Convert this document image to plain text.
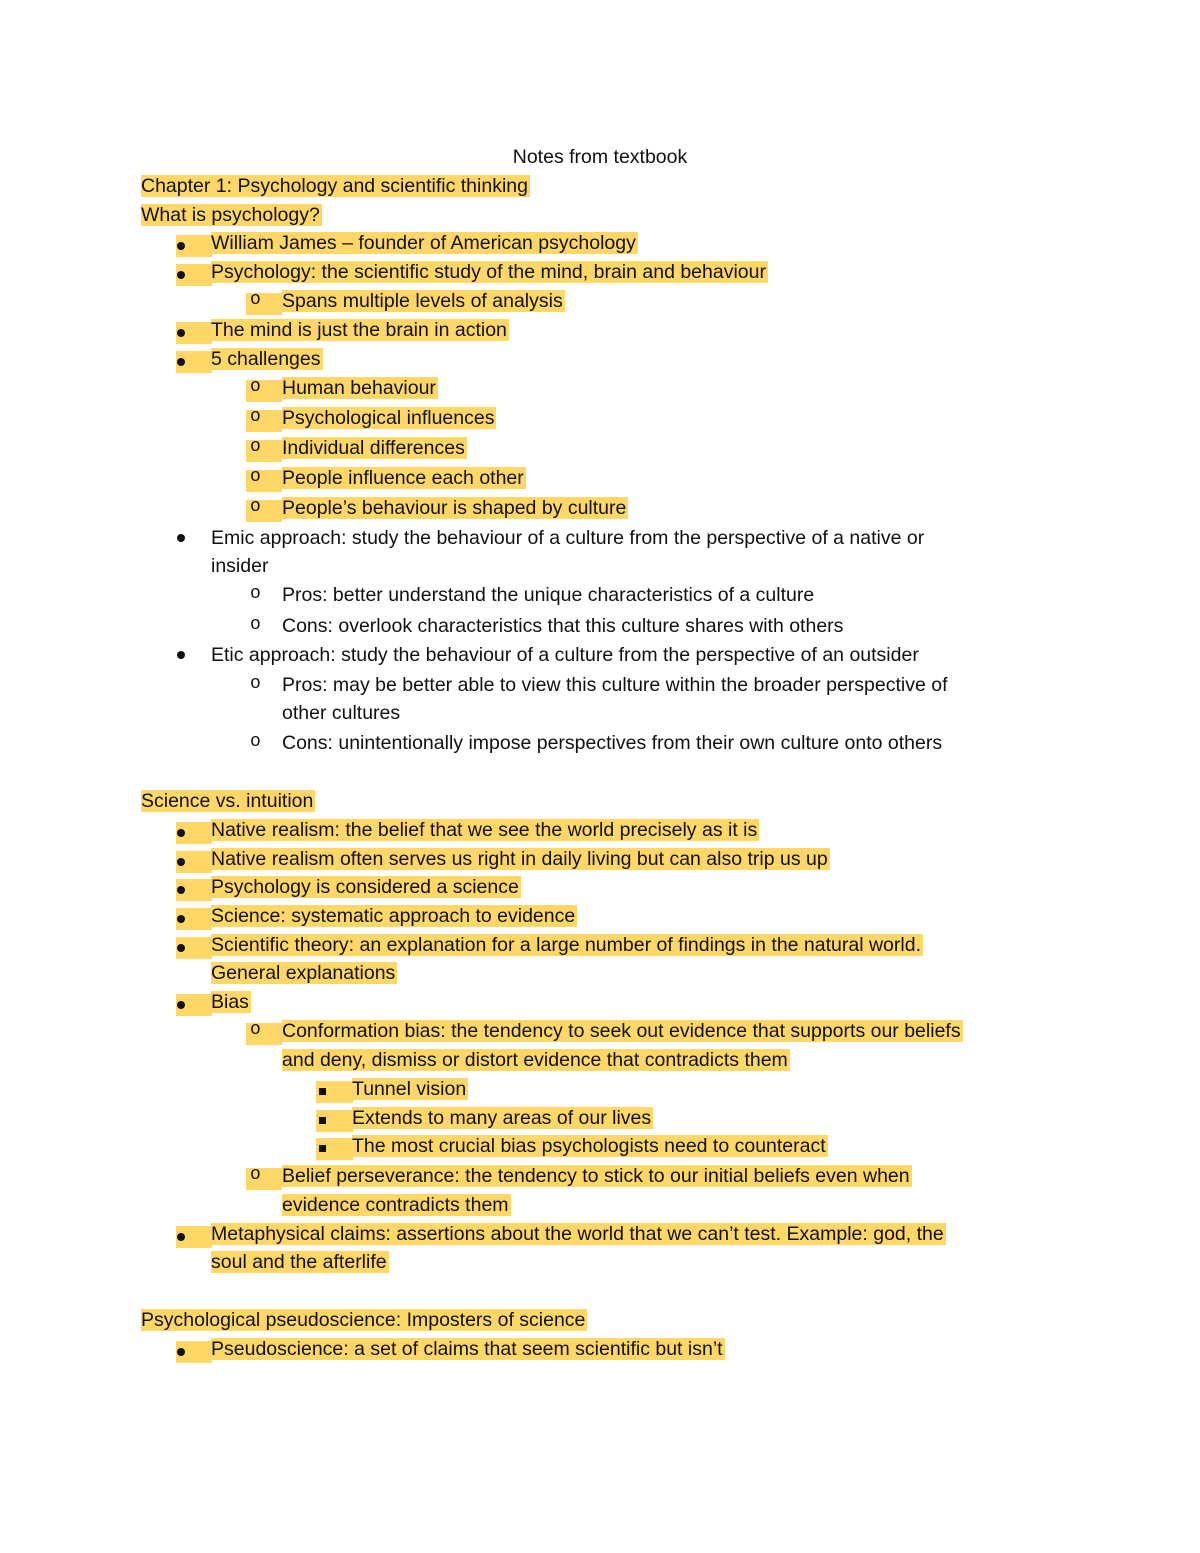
Notes from textbook
Chapter 1: Psychology and scientific thinking
What is psychology?
William James – founder of American psychology
Psychology: the scientific study of the mind, brain and behaviour
o Spans multiple levels of analysis
The mind is just the brain in action
5 challenges
o Human behaviour
o Psychological influences
o Individual differences
o People influence each other
o People’s behaviour is shaped by culture
Emic approach: study the behaviour of a culture from the perspective of a native or
insider
o Pros: better understand the unique characteristics of a culture
o Cons: overlook characteristics that this culture shares with others
Etic approach: study the behaviour of a culture from the perspective of an outsider
o Pros: may be better able to view this culture within the broader perspective of
other cultures
o Cons: unintentionally impose perspectives from their own culture onto others
Science vs. intuition
Native realism: the belief that we see the world precisely as it is
Native realism often serves us right in daily living but can also trip us up
Psychology is considered a science
Science: systematic approach to evidence
Scientific theory: an explanation for a large number of findings in the natural world.
General explanations
Bias
o Conformation bias: the tendency to seek out evidence that supports our beliefs
and deny, dismiss or distort evidence that contradicts them
Tunnel vision
Extends to many areas of our lives
The most crucial bias psychologists need to counteract
o Belief perseverance: the tendency to stick to our initial beliefs even when
evidence contradicts them
Metaphysical claims: assertions about the world that we can’t test. Example: god, the
soul and the afterlife
Psychological pseudoscience: Imposters of science
Pseudoscience: a set of claims that seem scientific but isn’t
